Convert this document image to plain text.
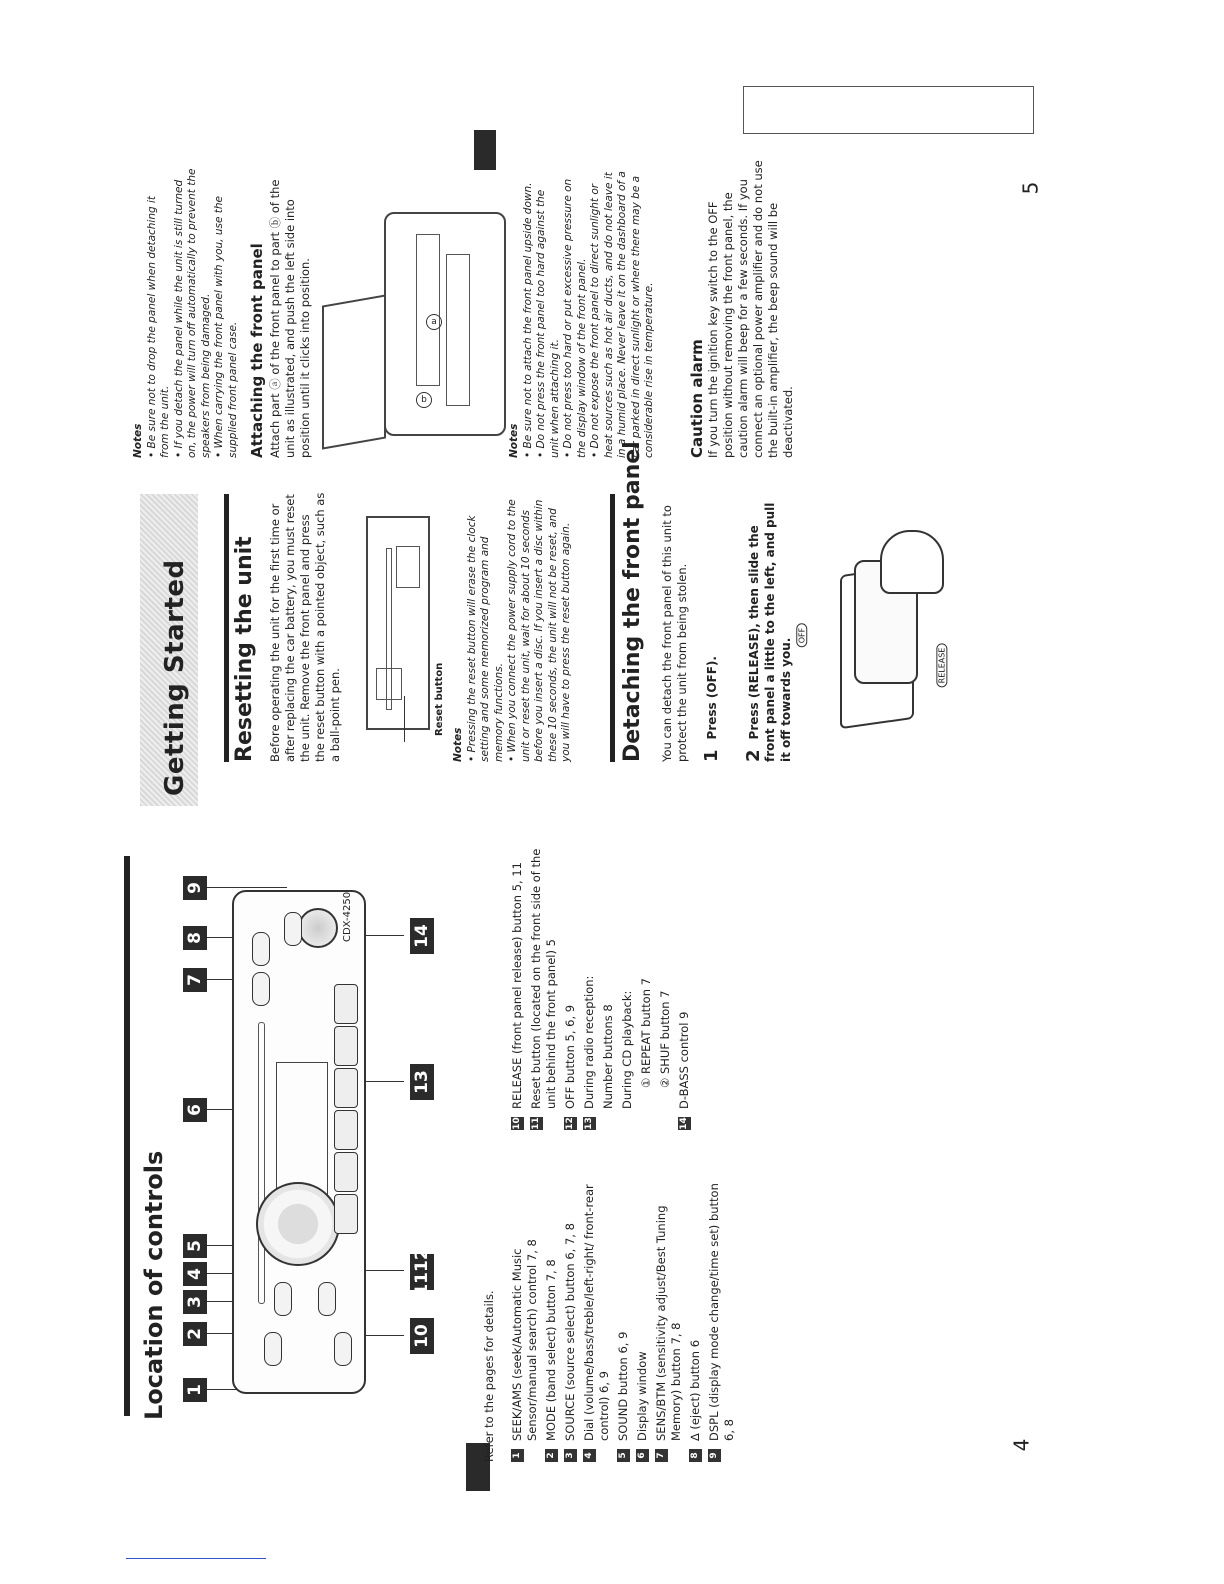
4
5
Location of controls 1
2
3
4
5
6
7
8
9
10
11
12
13
14
CDX-4250
Refer to the pages for details. 1
SEEK/AMS (seek/Automatic Music Sensor/manual search) control 7, 8
2
MODE (band select) button 7, 8
3
SOURCE (source select) button 6, 7, 8
4
Dial (volume/bass/treble/left-right/ front-rear control) 6, 9
5
SOUND button 6, 9
6
Display window
7
SENS/BTM (sensitivity adjust/Best Tuning Memory) button 7, 8
8
∆ (eject) button 6
9
DSPL (display mode change/time set) button 6, 8
10
RELEASE (front panel release) button 5, 11
11
Reset button (located on the front side of the unit behind the front panel) 5
12
OFF button 5, 6, 9
13
During radio reception: Number buttons 8 During CD playback: ① REPEAT button 7 ② SHUF button 7
14
D-BASS control 9
Getting Started Resetting the unit Before operating the unit for the first time or after replacing the car battery, you must reset the unit. Remove the front panel and press the reset button with a pointed object, such as a ball-point pen.	Reset button
Notes • Pressing the reset button will erase the clock setting and some memorized program and memory functions. • When you connect the power supply cord to the unit or reset the unit, wait for about 10 seconds before you insert a disc. If you insert a disc within these 10 seconds, the unit will not be reset, and you will have to press the reset button again. Detaching the front panel You can detach the front panel of this unit to protect the unit from being stolen. 1Press (OFF).
2Press (RELEASE), then slide the front panel a little to the left, and pull it off towards you.
OFF
RELEASE
Notes • Be sure not to drop the panel when detaching it from the unit. • If you detach the panel while the unit is still turned on, the power will turn off automatically to prevent the speakers from being damaged. • When carrying the front panel with you, use the supplied front panel case. Attaching the front panel Attach part ⓐ of the front panel to part ⓑ of the unit as illustrated, and push the left side into position until it clicks into position.	a
b
Notes • Be sure not to attach the front panel upside down. • Do not press the front panel too hard against the unit when attaching it. • Do not press too hard or put excessive pressure on the display window of the front panel. • Do not expose the front panel to direct sunlight or heat sources such as hot air ducts, and do not leave it in a humid place. Never leave it on the dashboard of a car parked in direct sunlight or where there may be a considerable rise in temperature. Caution alarm If you turn the ignition key switch to the OFF position without removing the front panel, the caution alarm will beep for a few seconds. If you connect an optional power amplifier and do not use the built-in amplifier, the beep sound will be deactivated.
